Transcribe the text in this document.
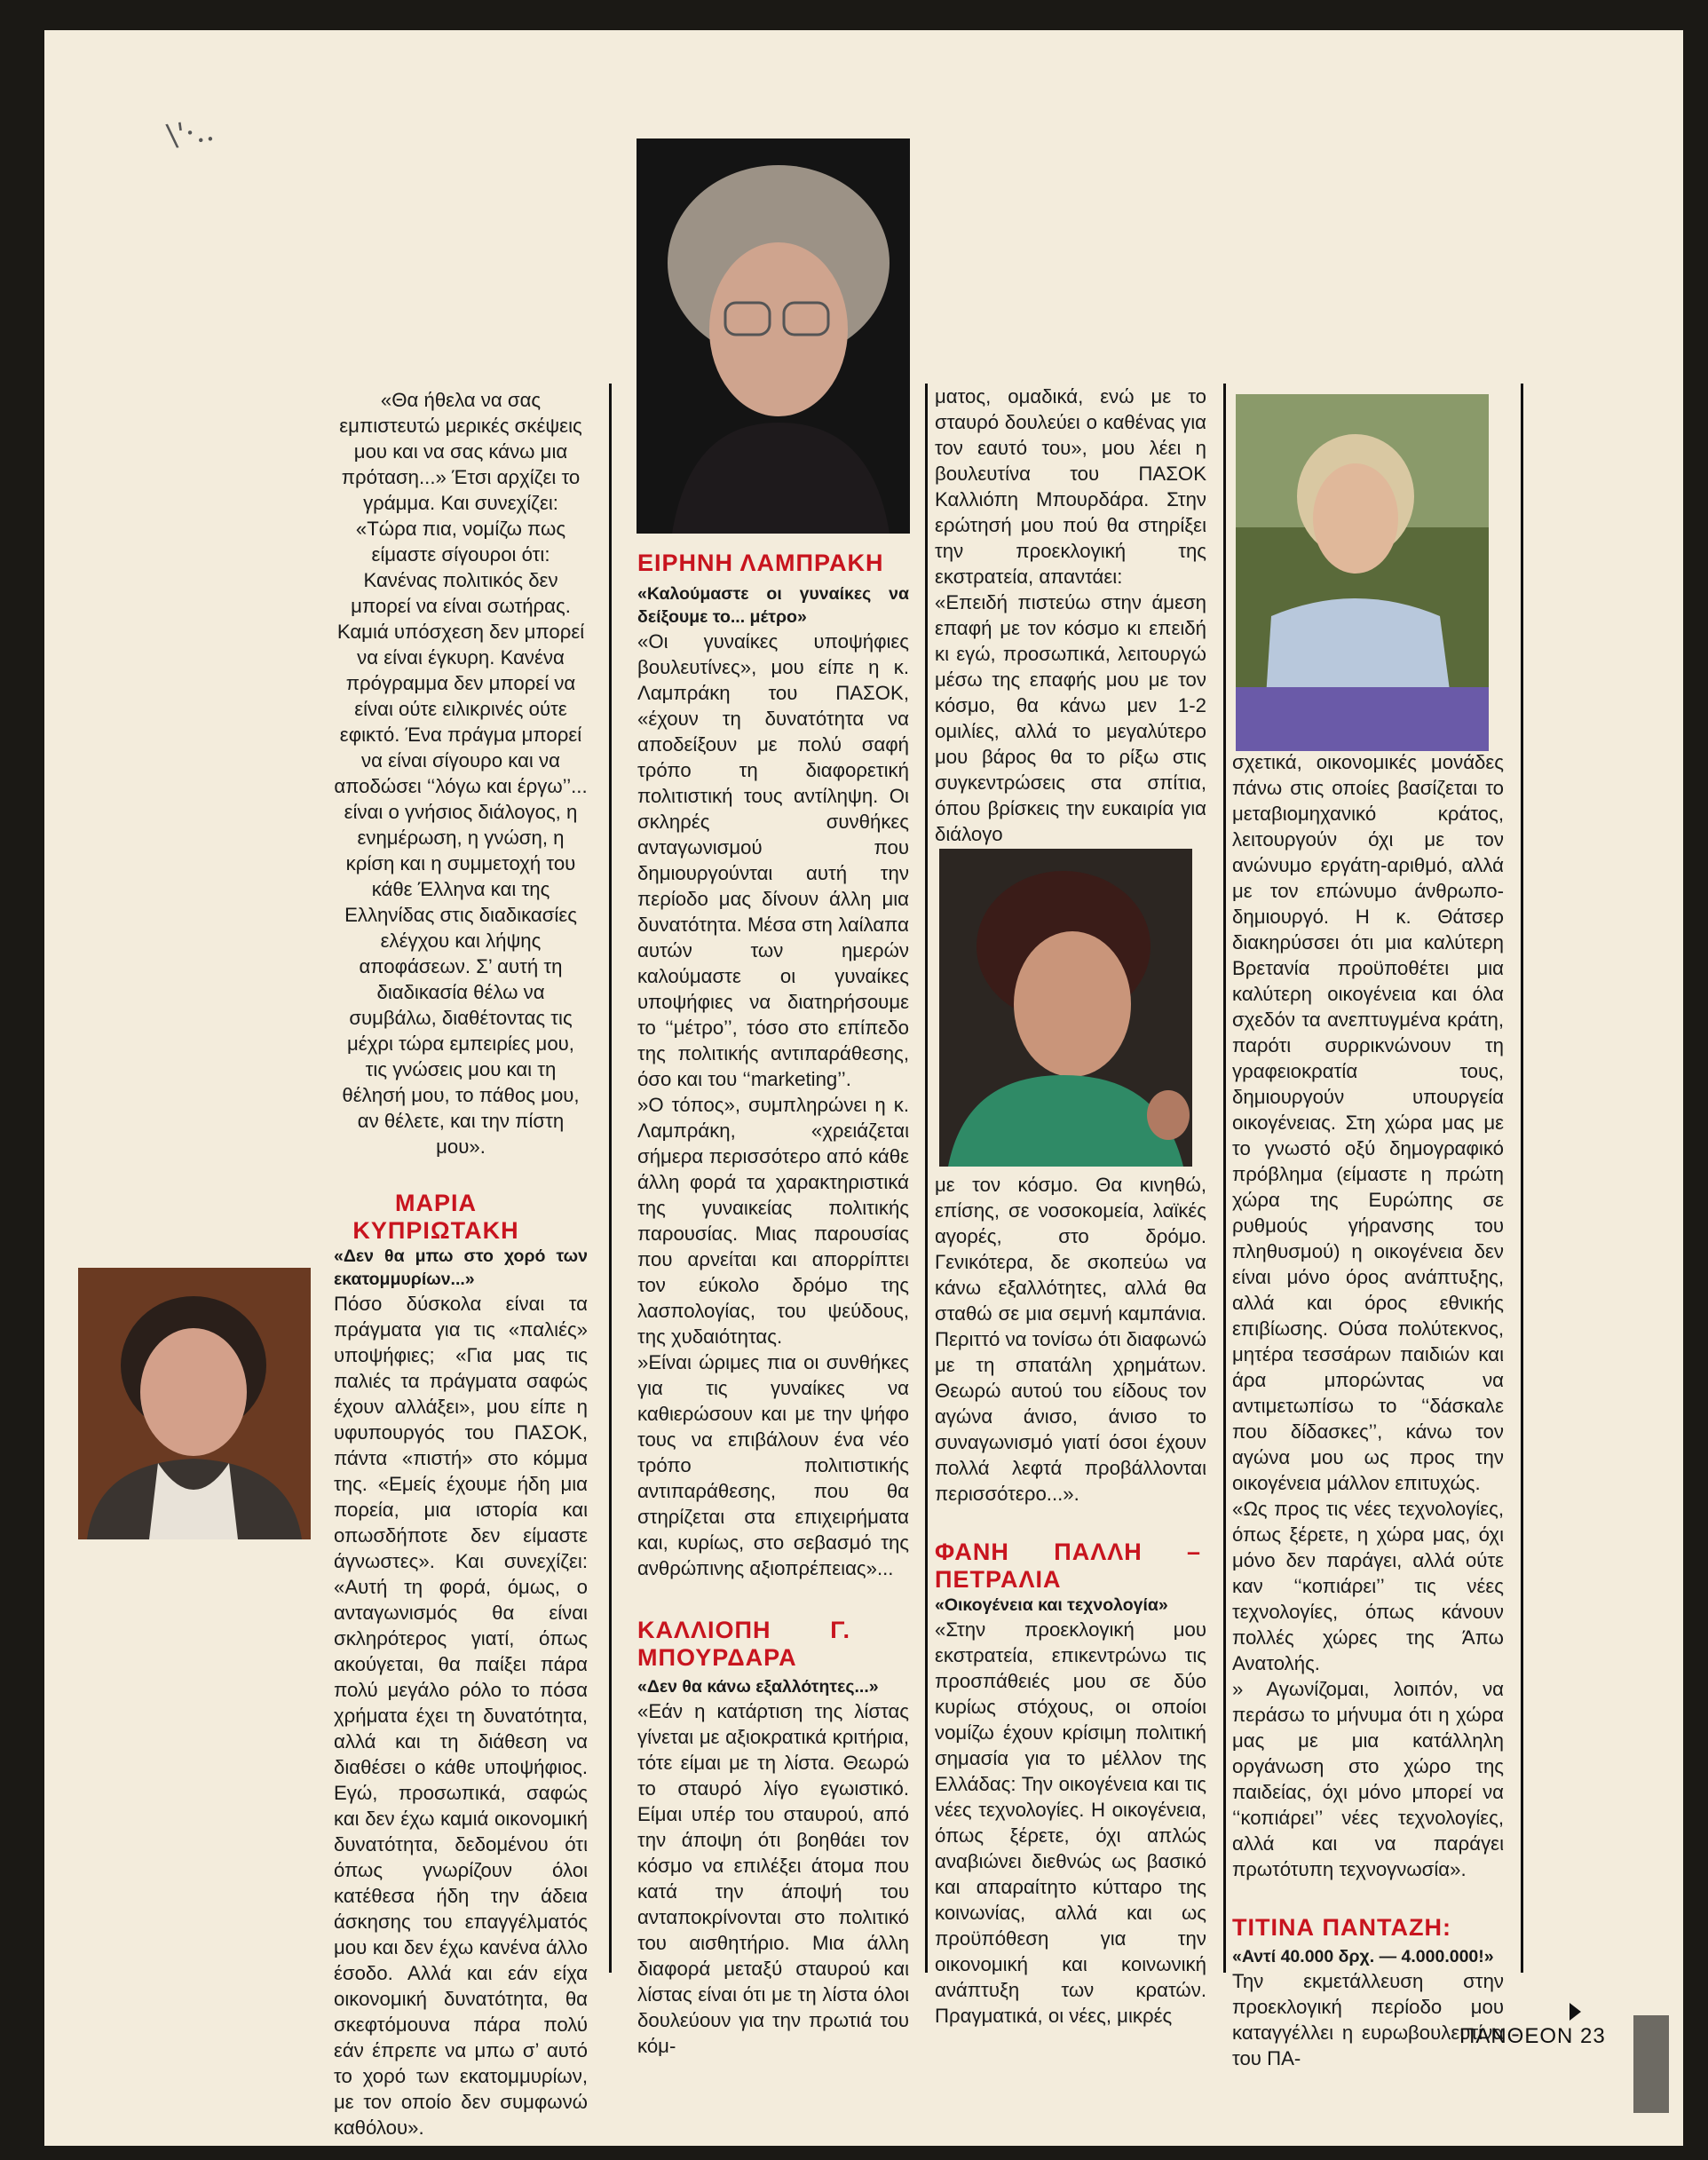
\'·..

«Θα ήθελα να σας εμπιστευτώ μερικές σκέψεις μου και να σας κάνω μια πρόταση...» Έτσι αρχίζει το γράμμα. Και συνεχίζει: «Τώρα πια, νομίζω πως είμαστε σίγουροι ότι: Κανένας πολιτικός δεν μπορεί να είναι σωτήρας. Καμιά υπόσχεση δεν μπορεί να είναι έγκυρη. Κανένα πρόγραμμα δεν μπορεί να είναι ούτε ειλικρινές ούτε εφικτό. Ένα πράγμα μπορεί να είναι σίγουρο και να αποδώσει ‘‘λόγω και έργω’’... είναι ο γνήσιος διάλογος, η ενημέρωση, η γνώση, η κρίση και η συμμετοχή του κάθε Έλληνα και της Ελληνίδας στις διαδικασίες ελέγχου και λήψης αποφάσεων. Σ’ αυτή τη διαδικασία θέλω να συμβάλω, διαθέτοντας τις μέχρι τώρα εμπειρίες μου, τις γνώσεις μου και τη θέλησή μου, το πάθος μου, αν θέλετε, και την πίστη μου».

ΜΑΡΙΑ ΚΥΠΡΙΩΤΑΚΗ

«Δεν θα μπω στο χορό των εκατομμυρίων...»

Πόσο δύσκολα είναι τα πράγματα για τις «παλιές» υποψήφιες; «Για μας τις παλιές τα πράγματα σαφώς έχουν αλλάξει», μου είπε η υφυπουργός του ΠΑΣΟΚ, πάντα «πιστή» στο κόμμα της. «Εμείς έχουμε ήδη μια πορεία, μια ιστορία και οπωσδήποτε δεν είμαστε άγνωστες». Και συνεχίζει: «Αυτή τη φορά, όμως, ο ανταγωνισμός θα είναι σκληρότερος γιατί, όπως ακούγεται, θα παίξει πάρα πολύ μεγάλο ρόλο το πόσα χρήματα έχει τη δυνατότητα, αλλά και τη διάθεση να διαθέσει ο κάθε υποψήφιος. Εγώ, προσωπικά, σαφώς και δεν έχω καμιά οικονομική δυνατότητα, δεδομένου ότι όπως γνωρίζουν όλοι κατέθεσα ήδη την άδεια άσκησης του επαγγέλματός μου και δεν έχω κανένα άλλο έσοδο. Αλλά και εάν είχα οικονομική δυνατότητα, θα σκεφτόμουνα πάρα πολύ εάν έπρεπε να μπω σ’ αυτό το χορό των εκατομμυρίων, με τον οποίο δεν συμφωνώ καθόλου».

ΕΙΡΗΝΗ ΛΑΜΠΡΑΚΗ

«Καλούμαστε οι γυναίκες να δείξουμε το... μέτρο»

«Οι γυναίκες υποψήφιες βουλευτίνες», μου είπε η κ. Λαμπράκη του ΠΑΣΟΚ, «έχουν τη δυνατότητα να αποδείξουν με πολύ σαφή τρόπο τη διαφορετική πολιτιστική τους αντίληψη. Οι σκληρές συνθήκες ανταγωνισμού που δημιουργούνται αυτή την περίοδο μας δίνουν άλλη μια δυνατότητα. Μέσα στη λαίλαπα αυτών των ημερών καλούμαστε οι γυναίκες υποψήφιες να διατηρήσουμε το ‘‘μέτρο’’, τόσο στο επίπεδο της πολιτικής αντιπαράθεσης, όσο και του ‘‘marketing’’.

»Ο τόπος», συμπληρώνει η κ. Λαμπράκη, «χρειάζεται σήμερα περισσότερο από κάθε άλλη φορά τα χαρακτηριστικά της γυναικείας πολιτικής παρουσίας. Μιας παρουσίας που αρνείται και απορρίπτει τον εύκολο δρόμο της λασπολογίας, του ψεύδους, της χυδαιότητας.

»Είναι ώριμες πια οι συνθήκες για τις γυναίκες να καθιερώσουν και με την ψήφο τους να επιβάλουν ένα νέο τρόπο πολιτιστικής αντιπαράθεσης, που θα στηρίζεται στα επιχειρήματα και, κυρίως, στο σεβασμό της ανθρώπινης αξιοπρέπειας»...

ΚΑΛΛΙΟΠΗ Γ. ΜΠΟΥΡΔΑΡΑ

«Δεν θα κάνω εξαλλότητες...»

«Εάν η κατάρτιση της λίστας γίνεται με αξιοκρατικά κριτήρια, τότε είμαι με τη λίστα. Θεωρώ το σταυρό λίγο εγωιστικό. Είμαι υπέρ του σταυρού, από την άποψη ότι βοηθάει τον κόσμο να επιλέξει άτομα που κατά την άποψή του ανταποκρίνονται στο πολιτικό του αισθητήριο. Μια άλλη διαφορά μεταξύ σταυρού και λίστας είναι ότι με τη λίστα όλοι δουλεύουν για την πρωτιά του κόμ-

ματος, ομαδικά, ενώ με το σταυρό δουλεύει ο καθένας για τον εαυτό του», μου λέει η βουλευτίνα του ΠΑΣΟΚ Καλλιόπη Μπουρδάρα. Στην ερώτησή μου πού θα στηρίξει την προεκλογική της εκστρατεία, απαντάει:

«Επειδή πιστεύω στην άμεση επαφή με τον κόσμο κι επειδή κι εγώ, προσωπικά, λειτουργώ μέσω της επαφής μου με τον κόσμο, θα κάνω μεν 1-2 ομιλίες, αλλά το μεγαλύτερο μου βάρος θα το ρίξω στις συγκεντρώσεις στα σπίτια, όπου βρίσκεις την ευκαιρία για διάλογο

με τον κόσμο. Θα κινηθώ, επίσης, σε νοσοκομεία, λαϊκές αγορές, στο δρόμο. Γενικότερα, δε σκοπεύω να κάνω εξαλλότητες, αλλά θα σταθώ σε μια σεμνή καμπάνια. Περιττό να τονίσω ότι διαφωνώ με τη σπατάλη χρημάτων. Θεωρώ αυτού του είδους τον αγώνα άνισο, άνισο το συναγωνισμό γιατί όσοι έχουν πολλά λεφτά προβάλλονται περισσότερο...».

ΦΑΝΗ ΠΑΛΛΗ – ΠΕΤΡΑΛΙΑ

«Οικογένεια και τεχνολογία»

«Στην προεκλογική μου εκστρατεία, επικεντρώνω τις προσπάθειές μου σε δύο κυρίως στόχους, οι οποίοι νομίζω έχουν κρίσιμη πολιτική σημασία για το μέλλον της Ελλάδας: Την οικογένεια και τις νέες τεχνολογίες. Η οικογένεια, όπως ξέρετε, όχι απλώς αναβιώνει διεθνώς ως βασικό και απαραίτητο κύτταρο της κοινωνίας, αλλά και ως προϋπόθεση για την οικονομική και κοινωνική ανάπτυξη των κρατών. Πραγματικά, οι νέες, μικρές

σχετικά, οικονομικές μονάδες πάνω στις οποίες βασίζεται το μεταβιομηχανικό κράτος, λειτουργούν όχι με τον ανώνυμο εργάτη-αριθμό, αλλά με τον επώνυμο άνθρωπο-δημιουργό. Η κ. Θάτσερ διακηρύσσει ότι μια καλύτερη Βρετανία προϋποθέτει μια καλύτερη οικογένεια και όλα σχεδόν τα ανεπτυγμένα κράτη, παρότι συρρικνώνουν τη γραφειοκρατία τους, δημιουργούν υπουργεία οικογένειας. Στη χώρα μας με το γνωστό οξύ δημογραφικό πρόβλημα (είμαστε η πρώτη χώρα της Ευρώπης σε ρυθμούς γήρανσης του πληθυσμού) η οικογένεια δεν είναι μόνο όρος ανάπτυξης, αλλά και όρος εθνικής επιβίωσης. Ούσα πολύτεκνος, μητέρα τεσσάρων παιδιών και άρα μπορώντας να αντιμετωπίσω το ‘‘δάσκαλε που δίδασκες’’, κάνω τον αγώνα μου ως προς την οικογένεια μάλλον επιτυχώς.

«Ως προς τις νέες τεχνολογίες, όπως ξέρετε, η χώρα μας, όχι μόνο δεν παράγει, αλλά ούτε καν ‘‘κοπιάρει’’ τις νέες τεχνολογίες, όπως κάνουν πολλές χώρες της Άπω Ανατολής.

» Αγωνίζομαι, λοιπόν, να περάσω το μήνυμα ότι η χώρα μας με μια κατάλληλη οργάνωση στο χώρο της παιδείας, όχι μόνο μπορεί να ‘‘κοπιάρει’’ νέες τεχνολογίες, αλλά και να παράγει πρωτότυπη τεχνογνωσία».

ΤΙΤΙΝΑ ΠΑΝΤΑΖΗ:

«Αντί 40.000 δρχ. — 4.000.000!»

Την εκμετάλλευση στην προεκλογική περίοδο μου καταγγέλλει η ευρωβουλευτίνα του ΠΑ-

ΠΑΝΘΕΟΝ 23
